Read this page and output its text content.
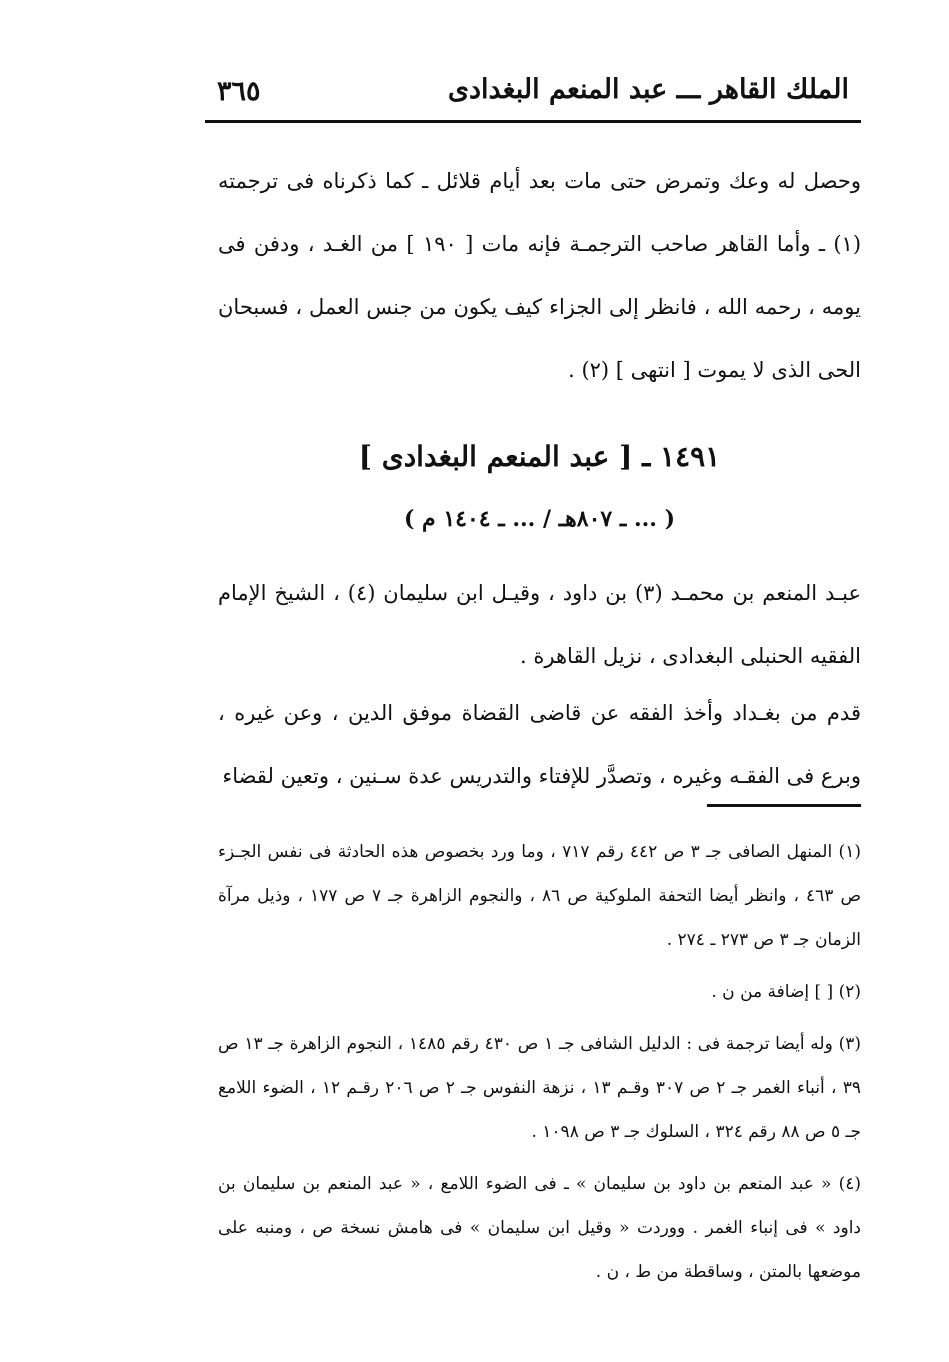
٣٦٥	الملك القاهر ـــ عبد المنعم البغدادى

وحصل له وعك وتمرض حتى مات بعد أيام قلائل ـ كما ذكرناه فى ترجمته (١) ـ وأما القاهر صاحب الترجمـة فإنه مات [ ١٩٠ ] من الغـد ، ودفن فى يومه ، رحمه الله ، فانظر إلى الجزاء كيف يكون من جنس العمل ، فسبحان الحى الذى لا يموت [ انتهى ] (٢) .

١٤٩١ ـ [ عبد المنعم البغدادى ]
( ... ـ ٨٠٧هـ / ... ـ ١٤٠٤ م )

عبـد المنعم بن محمـد (٣) بن داود ، وقيـل ابن سليمان (٤) ، الشيخ الإمام الفقيه الحنبلى البغدادى ، نزيل القاهرة .

قدم من بغـداد وأخذ الفقه عن قاضى القضاة موفق الدين ، وعن غيره ، وبرع فى الفقـه وغيره ، وتصدَّر للإفتاء والتدريس عدة سـنين ، وتعين لقضاء

(١) المنهل الصافى جـ ٣ ص ٤٤٢ رقم ٧١٧ ، وما ورد بخصوص هذه الحادثة فى نفس الجـزء ص ٤٦٣ ، وانظر أيضا التحفة الملوكية ص ٨٦ ، والنجوم الزاهرة جـ ٧ ص ١٧٧ ، وذيل مرآة الزمان جـ ٣ ص ٢٧٣ ـ ٢٧٤ .

(٢) [ ] إضافة من ن .

(٣) وله أيضا ترجمة فى : الدليل الشافى جـ ١ ص ٤٣٠ رقم ١٤٨٥ ، النجوم الزاهرة جـ ١٣ ص ٣٩ ، أنباء الغمر جـ ٢ ص ٣٠٧ وقـم ١٣ ، نزهة النفوس جـ ٢ ص ٢٠٦ رقـم ١٢ ، الضوء اللامع جـ ٥ ص ٨٨ رقم ٣٢٤ ، السلوك جـ ٣ ص ١٠٩٨ .

(٤) « عبد المنعم بن داود بن سليمان » ـ فى الضوء اللامع ، « عبد المنعم بن سليمان بن داود » فى إنباء الغمر . ووردت « وقيل ابن سليمان » فى هامش نسخة ص ، ومنبه على موضعها بالمتن ، وساقطة من ط ، ن .
